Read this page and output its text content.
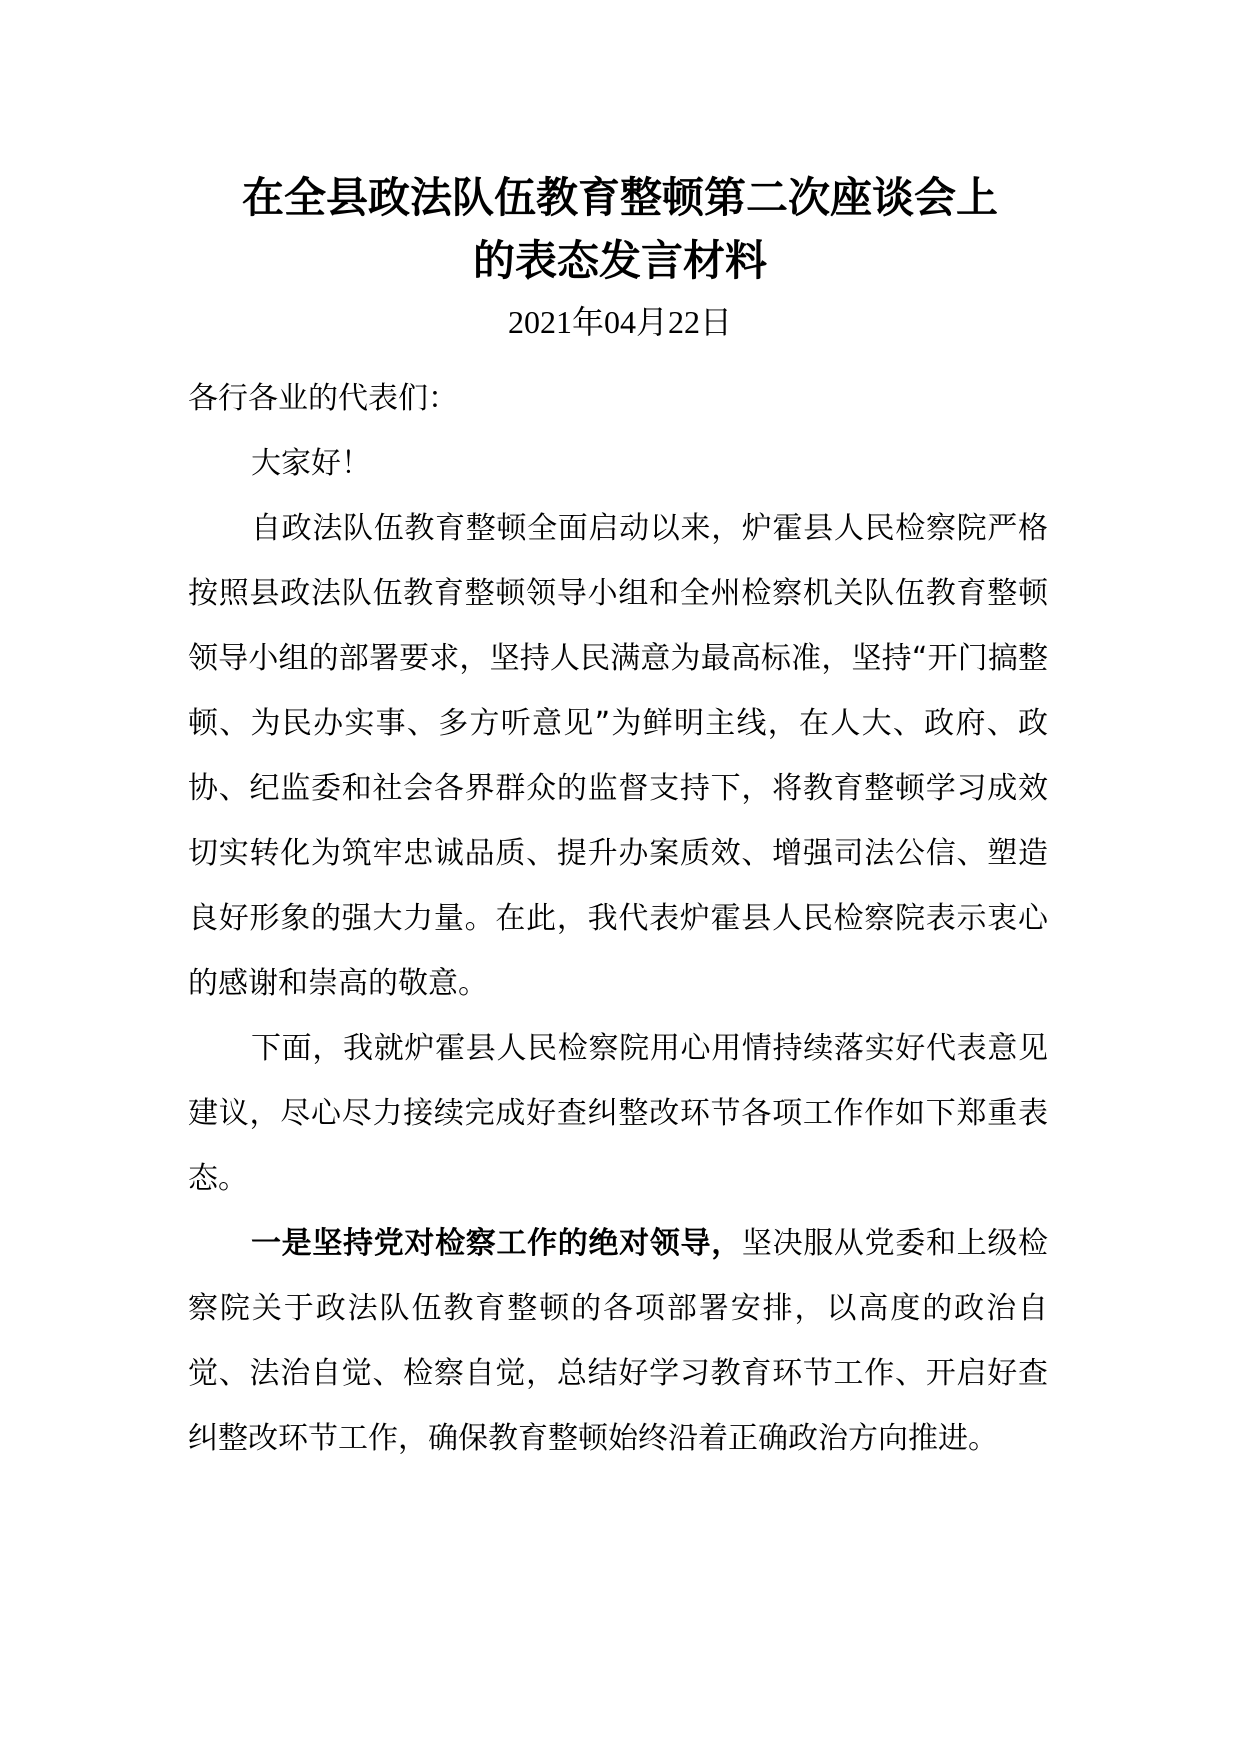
在全县政法队伍教育整顿第二次座谈会上
的表态发言材料
2021年04月22日

各行各业的代表们：

大家好！

自政法队伍教育整顿全面启动以来，炉霍县人民检察院严格按照县政法队伍教育整顿领导小组和全州检察机关队伍教育整顿领导小组的部署要求，坚持人民满意为最高标准，坚持“开门搞整顿、为民办实事、多方听意见”为鲜明主线，在人大、政府、政协、纪监委和社会各界群众的监督支持下，将教育整顿学习成效切实转化为筑牢忠诚品质、提升办案质效、增强司法公信、塑造良好形象的强大力量。在此，我代表炉霍县人民检察院表示衷心的感谢和崇高的敬意。

下面，我就炉霍县人民检察院用心用情持续落实好代表意见建议，尽心尽力接续完成好查纠整改环节各项工作作如下郑重表态。

一是坚持党对检察工作的绝对领导，坚决服从党委和上级检察院关于政法队伍教育整顿的各项部署安排，以高度的政治自觉、法治自觉、检察自觉，总结好学习教育环节工作、开启好查纠整改环节工作，确保教育整顿始终沿着正确政治方向推进。
